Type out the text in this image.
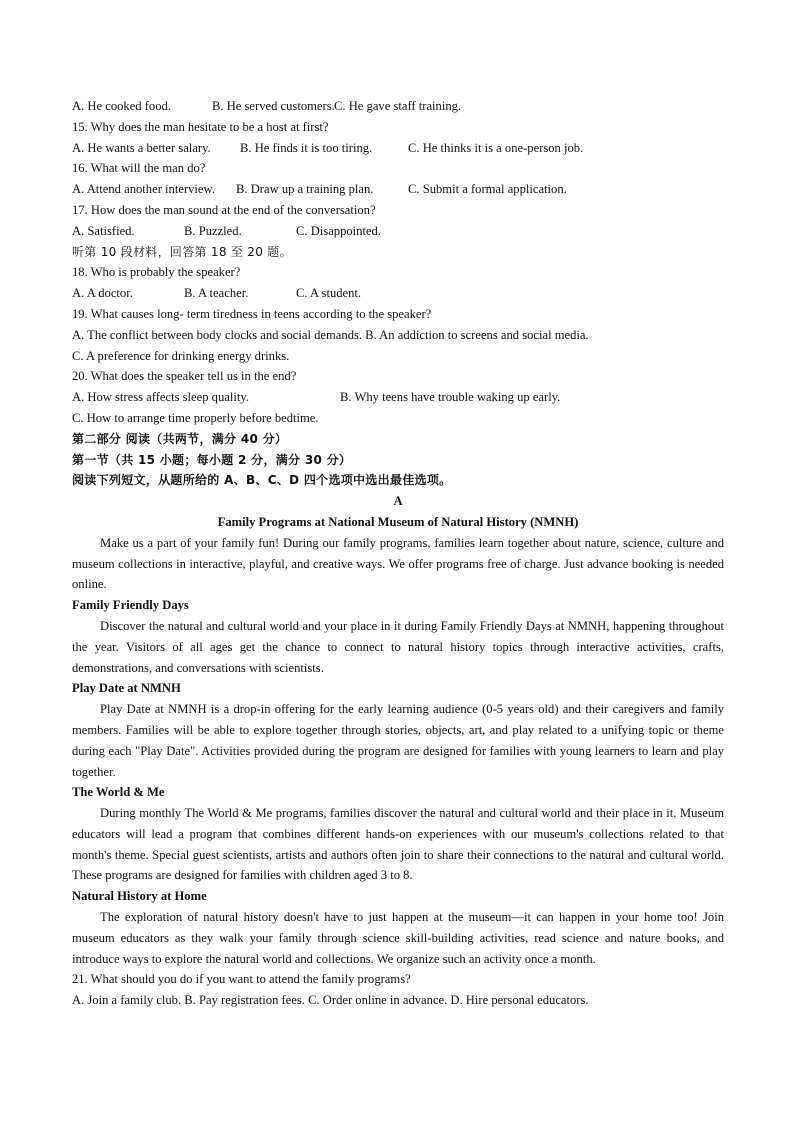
A. He cooked food.	B. He served customers.C. He gave staff training.
15. Why does the man hesitate to be a host at first?
A. He wants a better salary. B. He finds it is too tiring.	C. He thinks it is a one-person job.
16. What will the man do?
A. Attend another interview. B. Draw up a training plan.	C. Submit a formal application.
17. How does the man sound at the end of the conversation?
A. Satisfied.	B. Puzzled.	C. Disappointed.
听第 10 段材料，回答第 18 至 20 题。
18. Who is probably the speaker?
A. A doctor.	B. A teacher.	C. A student.
19. What causes long- term tiredness in teens according to the speaker?
A. The conflict between body clocks and social demands. B. An addiction to screens and social media.
C. A preference for drinking energy drinks.
20. What does the speaker tell us in the end?
A. How stress affects sleep quality.	B. Why teens have trouble waking up early.
C. How to arrange time properly before bedtime.
第二部分 阅读（共两节，满分 40 分）
第一节（共 15 小题；每小题 2 分，满分 30 分）
阅读下列短文，从题所给的 A、B、C、D 四个选项中选出最佳选项。
A
Family Programs at National Museum of Natural History (NMNH)

Make us a part of your family fun! During our family programs, families learn together about nature, science, culture and museum collections in interactive, playful, and creative ways. We offer programs free of charge. Just advance booking is needed online.

Family Friendly Days

Discover the natural and cultural world and your place in it during Family Friendly Days at NMNH, happening throughout the year. Visitors of all ages get the chance to connect to natural history topics through interactive activities, crafts, demonstrations, and conversations with scientists.

Play Date at NMNH

Play Date at NMNH is a drop-in offering for the early learning audience (0-5 years old) and their caregivers and family members. Families will be able to explore together through stories, objects, art, and play related to a unifying topic or theme during each "Play Date". Activities provided during the program are designed for families with young learners to learn and play together.

The World & Me

During monthly The World & Me programs, families discover the natural and cultural world and their place in it. Museum educators will lead a program that combines different hands-on experiences with our museum's collections related to that month's theme. Special guest scientists, artists and authors often join to share their connections to the natural and cultural world. These programs are designed for families with children aged 3 to 8.

Natural History at Home

The exploration of natural history doesn't have to just happen at the museum—it can happen in your home too! Join museum educators as they walk your family through science skill-building activities, read science and nature books, and introduce ways to explore the natural world and collections. We organize such an activity once a month.

21. What should you do if you want to attend the family programs?
A. Join a family club. B. Pay registration fees. C. Order online in advance. D. Hire personal educators.
